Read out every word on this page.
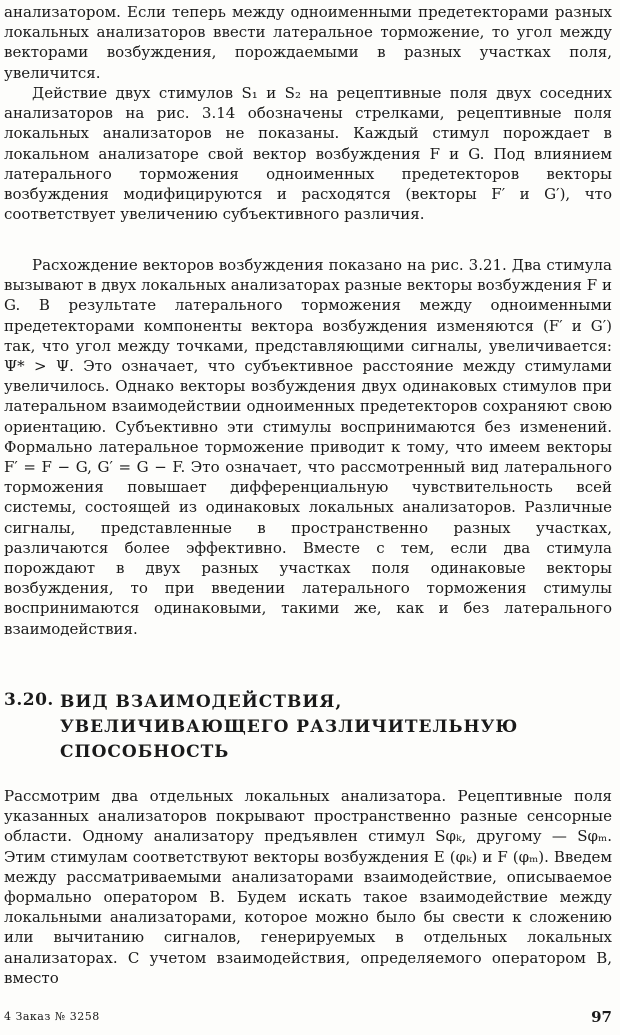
анализатором. Если теперь между одноименными предетекторами разных локальных анализаторов ввести латеральное торможение, то угол между векторами возбуждения, порождаемыми в разных участках поля, увеличится.

Действие двух стимулов S₁ и S₂ на рецептивные поля двух соседних анализаторов на рис. 3.14 обозначены стрелками, рецептивные поля локальных анализаторов не показаны. Каждый стимул порождает в локальном анализаторе свой вектор возбуждения F и G. Под влиянием латерального торможения одноименных предетекторов векторы возбуждения модифицируются и расходятся (векторы F′ и G′), что соответствует увеличению субъективного различия.

Расхождение векторов возбуждения показано на рис. 3.21. Два стимула вызывают в двух локальных анализаторах разные векторы возбуждения F и G. В результате латерального торможения между одноименными предетекторами компоненты вектора возбуждения изменяются (F′ и G′) так, что угол между точками, представляющими сигналы, увеличивается: Ψ* > Ψ. Это означает, что субъективное расстояние между стимулами увеличилось. Однако векторы возбуждения двух одинаковых стимулов при латеральном взаимодействии одноименных предетекторов сохраняют свою ориентацию. Субъективно эти стимулы воспринимаются без изменений. Формально латеральное торможение приводит к тому, что имеем векторы F′ = F − G, G′ = G − F. Это означает, что рассмотренный вид латерального торможения повышает дифференциальную чувствительность всей системы, состоящей из одинаковых локальных анализаторов. Различные сигналы, представленные в пространственно разных участках, различаются более эффективно. Вместе с тем, если два стимула порождают в двух разных участках поля одинаковые векторы возбуждения, то при введении латерального торможения стимулы воспринимаются одинаковыми, такими же, как и без латерального взаимодействия.

3.20. ВИД ВЗАИМОДЕЙСТВИЯ,
УВЕЛИЧИВАЮЩЕГО РАЗЛИЧИТЕЛЬНУЮ
СПОСОБНОСТЬ

Рассмотрим два отдельных локальных анализатора. Рецептивные поля указанных анализаторов покрывают пространственно разные сенсорные области. Одному анализатору предъявлен стимул Sφₖ, другому — Sφₘ. Этим стимулам соответствуют векторы возбуждения E (φₖ) и F (φₘ). Введем между рассматриваемыми анализаторами взаимодействие, описываемое формально оператором B. Будем искать такое взаимодействие между локальными анализаторами, которое можно было бы свести к сложению или вычитанию сигналов, генерируемых в отдельных локальных анализаторах. С учетом взаимодействия, определяемого оператором B, вместо

4 Заказ № 3258	97
